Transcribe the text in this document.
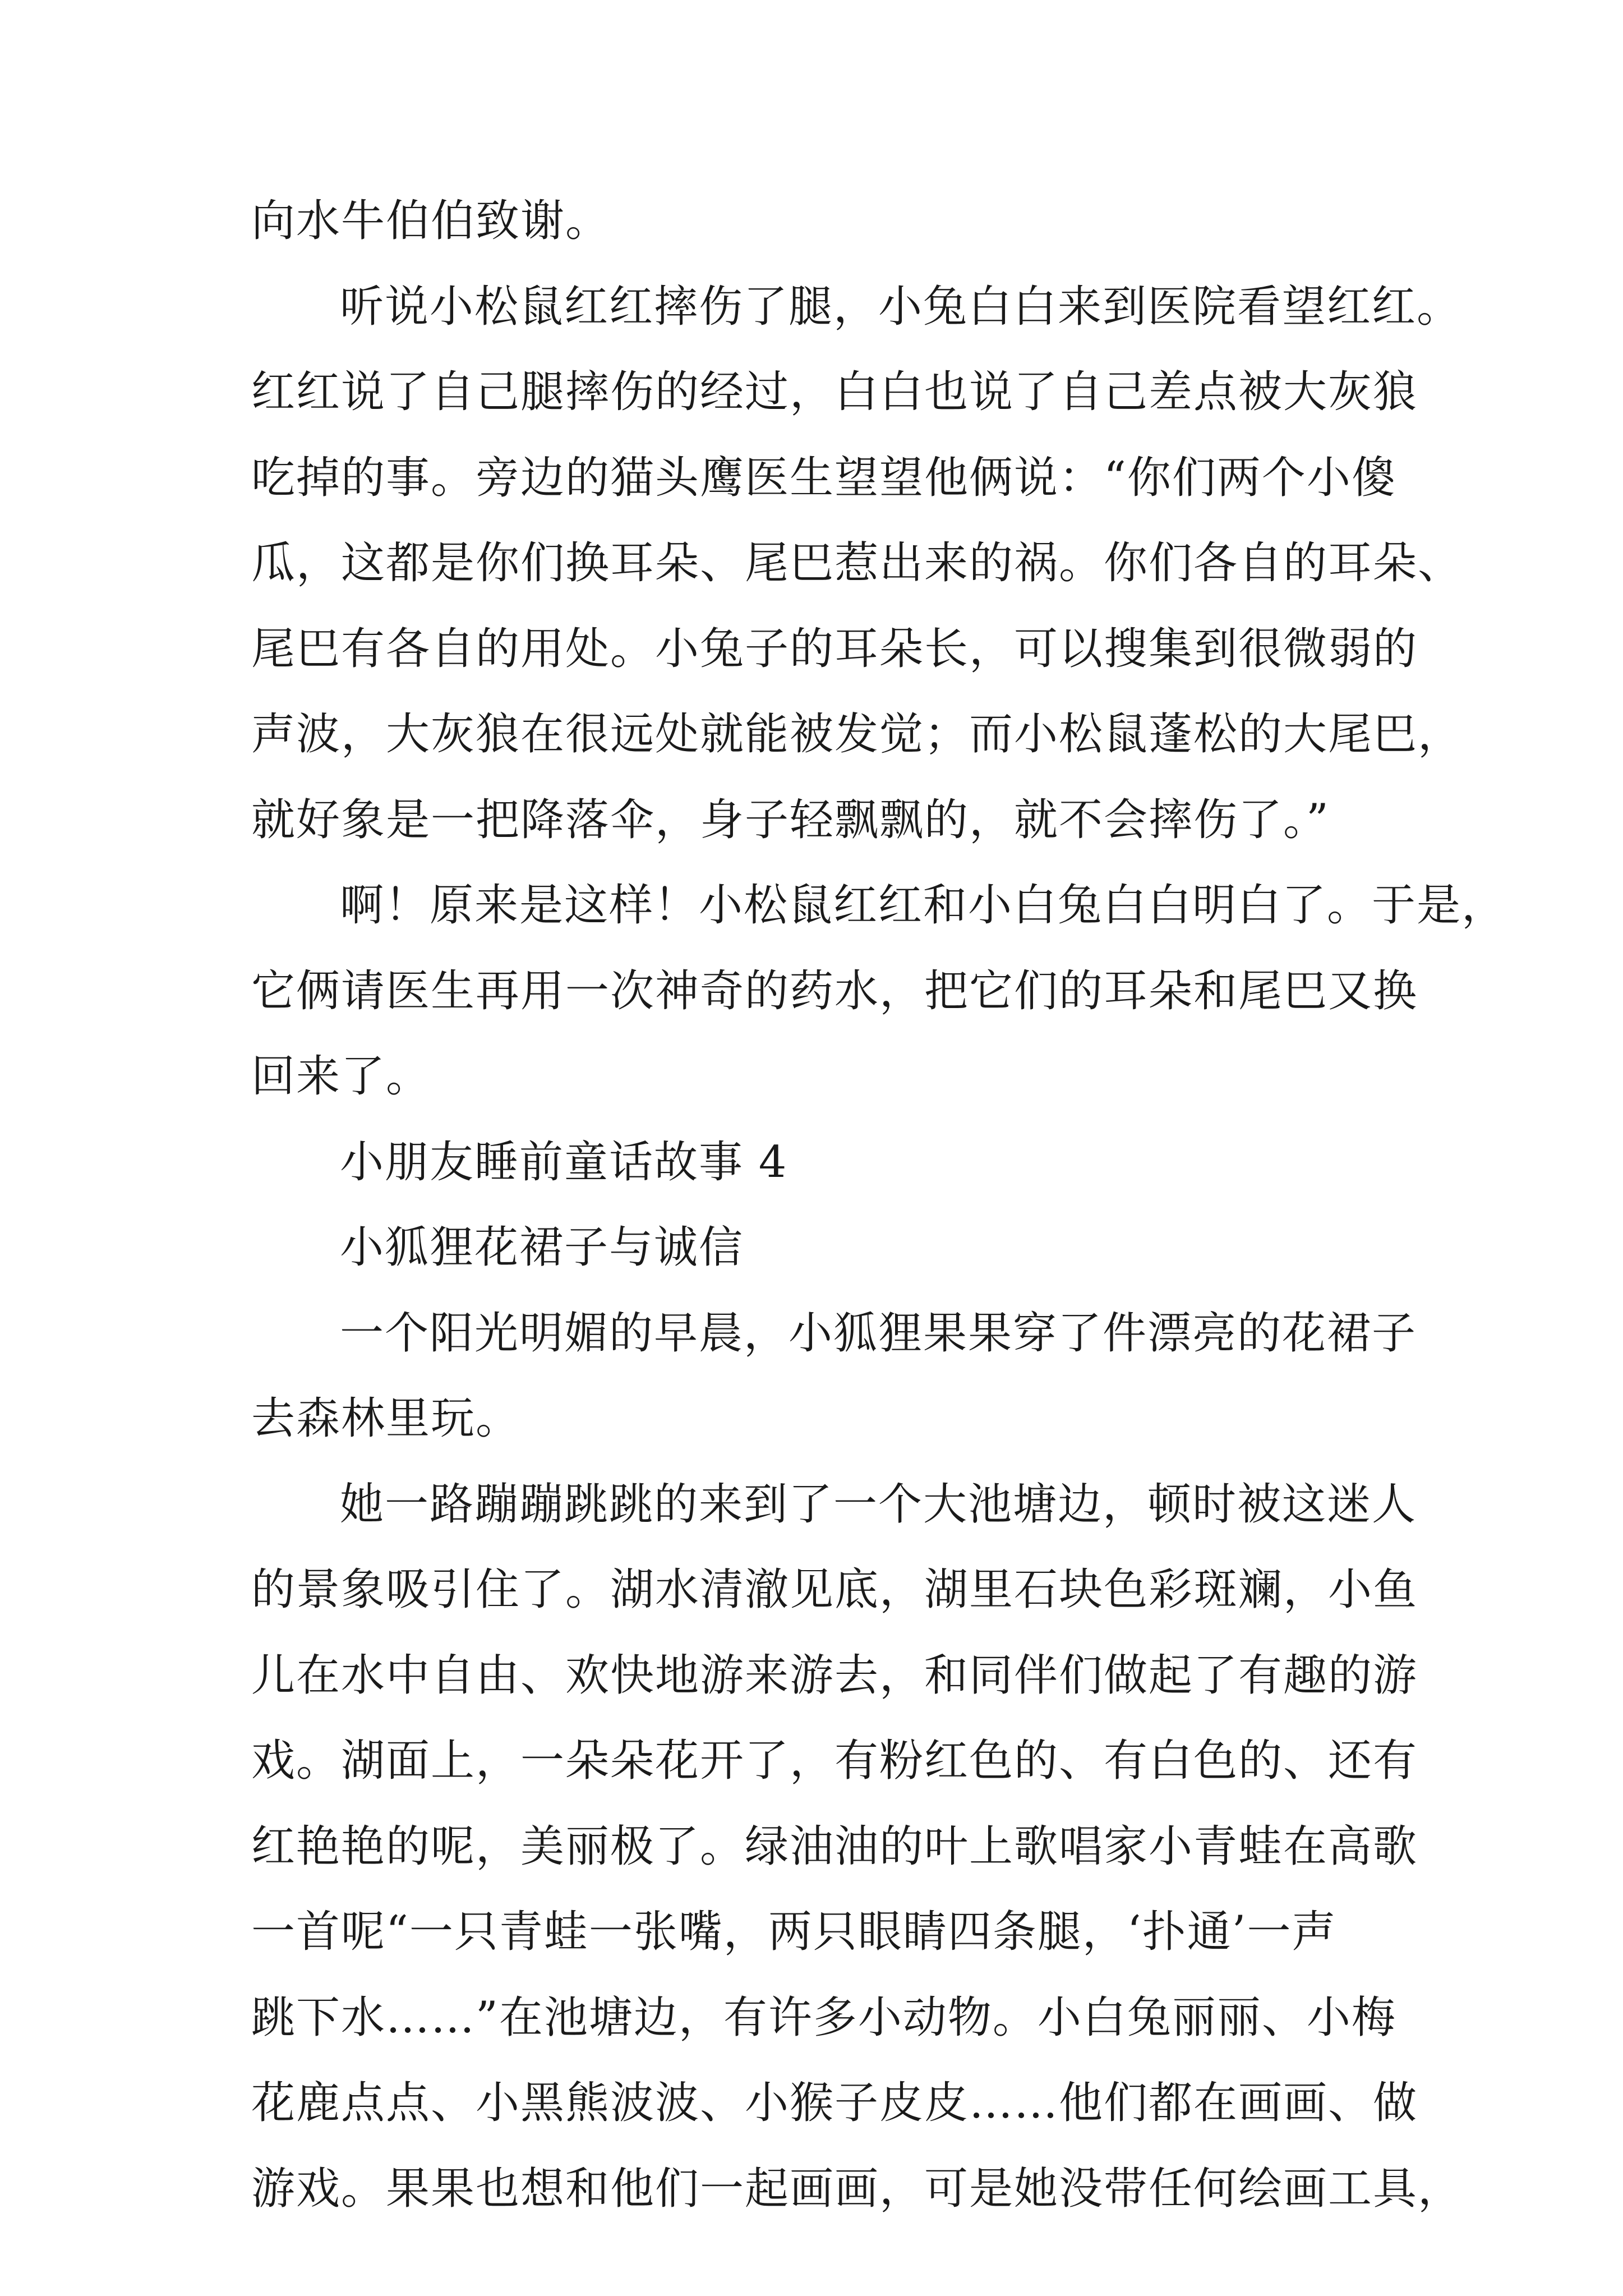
向水牛伯伯致谢。
听说小松鼠红红摔伤了腿，小兔白白来到医院看望红红。
红红说了自己腿摔伤的经过，白白也说了自己差点被大灰狼
吃掉的事。旁边的猫头鹰医生望望他俩说：“你们两个小傻
瓜，这都是你们换耳朵、尾巴惹出来的祸。你们各自的耳朵、
尾巴有各自的用处。小兔子的耳朵长，可以搜集到很微弱的
声波，大灰狼在很远处就能被发觉；而小松鼠蓬松的大尾巴，
就好象是一把降落伞，身子轻飘飘的，就不会摔伤了。”
啊！原来是这样！小松鼠红红和小白兔白白明白了。于是，
它俩请医生再用一次神奇的药水，把它们的耳朵和尾巴又换
回来了。
小朋友睡前童话故事 4
小狐狸花裙子与诚信
一个阳光明媚的早晨，小狐狸果果穿了件漂亮的花裙子
去森林里玩。
她一路蹦蹦跳跳的来到了一个大池塘边，顿时被这迷人
的景象吸引住了。湖水清澈见底，湖里石块色彩斑斓，小鱼
儿在水中自由、欢快地游来游去，和同伴们做起了有趣的游
戏。湖面上，一朵朵花开了，有粉红色的、有白色的、还有
红艳艳的呢，美丽极了。绿油油的叶上歌唱家小青蛙在高歌
一首呢“一只青蛙一张嘴，两只眼睛四条腿，‘扑通’一声
跳下水……”在池塘边，有许多小动物。小白兔丽丽、小梅
花鹿点点、小黑熊波波、小猴子皮皮……他们都在画画、做
游戏。果果也想和他们一起画画，可是她没带任何绘画工具，
